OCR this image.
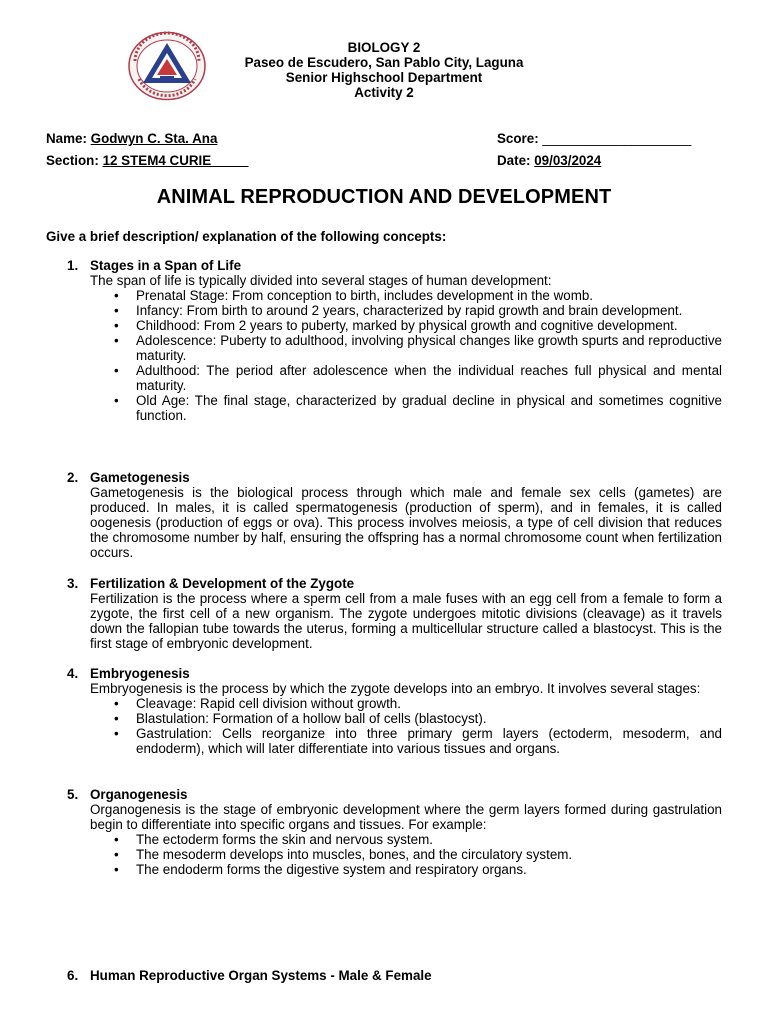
BIOLOGY 2
Paseo de Escudero, San Pablo City, Laguna
Senior Highschool Department
Activity 2
Name: Godwyn C. Sta. Ana	Score: ____________________
Section: 12 STEM4 CURIE_____	Date: 09/03/2024
ANIMAL REPRODUCTION AND DEVELOPMENT
Give a brief description/ explanation of the following concepts:
1. Stages in a Span of Life

The span of life is typically divided into several stages of human development:

• Prenatal Stage: From conception to birth, includes development in the womb.
• Infancy: From birth to around 2 years, characterized by rapid growth and brain development.
• Childhood: From 2 years to puberty, marked by physical growth and cognitive development.
• Adolescence: Puberty to adulthood, involving physical changes like growth spurts and reproductive maturity.
• Adulthood: The period after adolescence when the individual reaches full physical and mental maturity.
• Old Age: The final stage, characterized by gradual decline in physical and sometimes cognitive function.
2. Gametogenesis

Gametogenesis is the biological process through which male and female sex cells (gametes) are produced. In males, it is called spermatogenesis (production of sperm), and in females, it is called oogenesis (production of eggs or ova). This process involves meiosis, a type of cell division that reduces the chromosome number by half, ensuring the offspring has a normal chromosome count when fertilization occurs.

3. Fertilization & Development of the Zygote

Fertilization is the process where a sperm cell from a male fuses with an egg cell from a female to form a zygote, the first cell of a new organism. The zygote undergoes mitotic divisions (cleavage) as it travels down the fallopian tube towards the uterus, forming a multicellular structure called a blastocyst. This is the first stage of embryonic development.

4. Embryogenesis

Embryogenesis is the process by which the zygote develops into an embryo. It involves several stages:

• Cleavage: Rapid cell division without growth.
• Blastulation: Formation of a hollow ball of cells (blastocyst).
• Gastrulation: Cells reorganize into three primary germ layers (ectoderm, mesoderm, and endoderm), which will later differentiate into various tissues and organs.
5. Organogenesis

Organogenesis is the stage of embryonic development where the germ layers formed during gastrulation begin to differentiate into specific organs and tissues. For example:

• The ectoderm forms the skin and nervous system.
• The mesoderm develops into muscles, bones, and the circulatory system.
• The endoderm forms the digestive system and respiratory organs.
6. Human Reproductive Organ Systems - Male & Female
